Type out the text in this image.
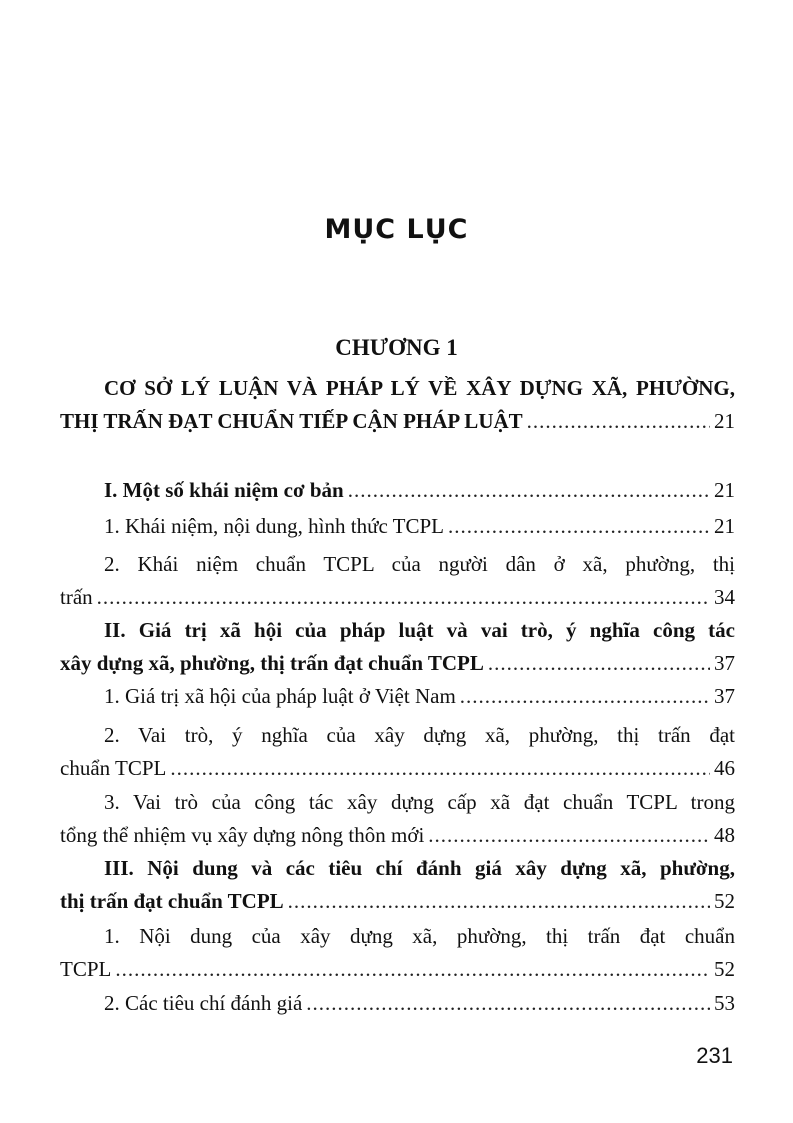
MỤC LỤC
CHƯƠNG 1
CƠ SỞ LÝ LUẬN VÀ PHÁP LÝ VỀ XÂY DỰNG XÃ, PHƯỜNG,
THỊ TRẤN ĐẠT CHUẨN TIẾP CẬN PHÁP LUẬT .....	21
I. Một số khái niệm cơ bản .....	21
1. Khái niệm, nội dung, hình thức TCPL .....	21
2. Khái niệm chuẩn TCPL của người dân ở xã, phường, thị
trấn .....	34
II. Giá trị xã hội của pháp luật và vai trò, ý nghĩa công tác
xây dựng xã, phường, thị trấn đạt chuẩn TCPL .....	37
1. Giá trị xã hội của pháp luật ở Việt Nam .....	37
2. Vai trò, ý nghĩa của xây dựng xã, phường, thị trấn đạt
chuẩn TCPL .....	46
3. Vai trò của công tác xây dựng cấp xã đạt chuẩn TCPL trong
tổng thể nhiệm vụ xây dựng nông thôn mới .....	48
III. Nội dung và các tiêu chí đánh giá xây dựng xã, phường,
thị trấn đạt chuẩn TCPL .....	52
1. Nội dung của xây dựng xã, phường, thị trấn đạt chuẩn
TCPL .....	52
2. Các tiêu chí đánh giá .....	53

231
